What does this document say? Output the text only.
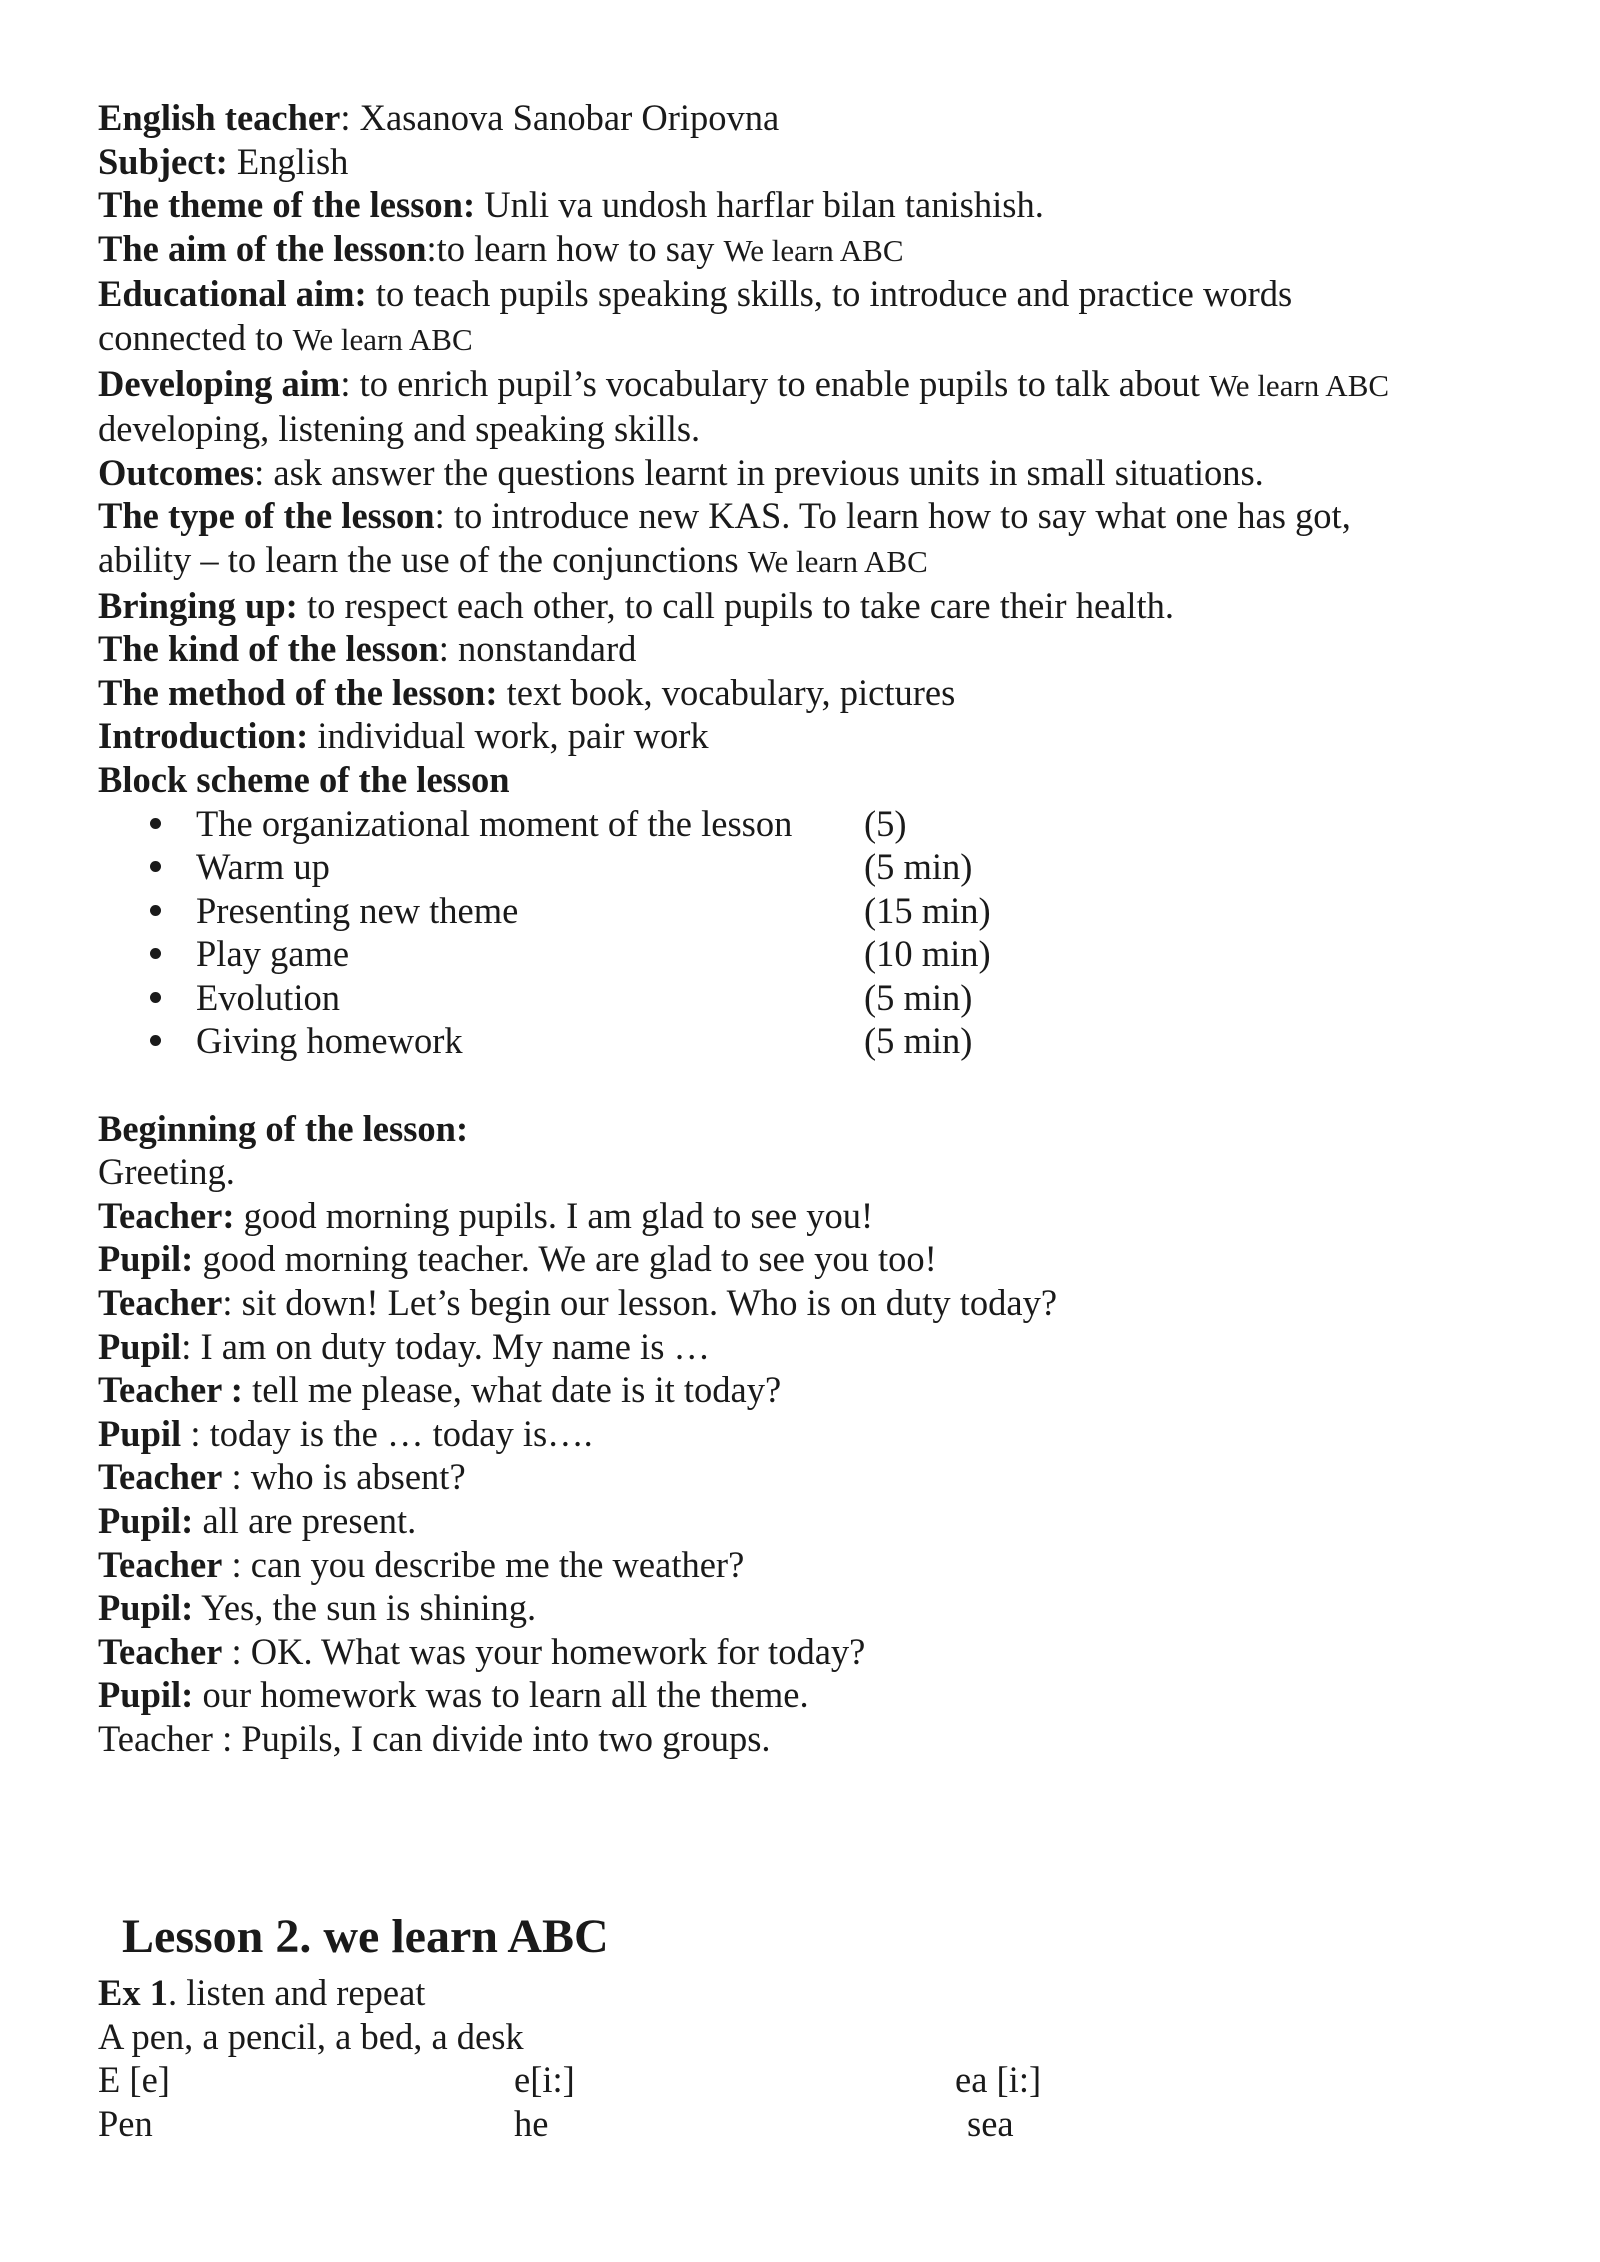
English teacher: Xasanova Sanobar Oripovna

Subject: English

The theme of the lesson: Unli va undosh harflar bilan tanishish.

The aim of the lesson:to learn how to say We learn ABC

Educational aim: to teach pupils speaking skills, to introduce and practice words

connected to We learn ABC

Developing aim: to enrich pupil’s vocabulary to enable pupils to talk about We learn ABC

developing, listening and speaking skills.

Outcomes: ask answer the questions learnt in previous units in small situations.

The type of the lesson: to introduce new KAS. To learn how to say what one has got,

ability – to learn the use of the conjunctions We learn ABC

Bringing up: to respect each other, to call pupils to take care their health.

The kind of the lesson: nonstandard

The method of the lesson: text book, vocabulary, pictures

Introduction: individual work, pair work

Block scheme of the lesson

The organizational moment of the lesson (5)
Warm up	(5 min)
Presenting new theme	(15 min)
Play game	(10 min)
Evolution	(5 min)
Giving homework	(5 min)

Beginning of the lesson:

Greeting.

Teacher: good morning pupils. I am glad to see you!

Pupil: good morning teacher. We are glad to see you too!

Teacher: sit down! Let’s begin our lesson. Who is on duty today?

Pupil: I am on duty today. My name is …

Teacher : tell me please, what date is it today?

Pupil : today is the … today is….

Teacher : who is absent?

Pupil: all are present.

Teacher : can you describe me the weather?

Pupil: Yes, the sun is shining.

Teacher : OK. What was your homework for today?

Pupil: our homework was to learn all the theme.

Teacher : Pupils, I can divide into two groups.

Lesson 2. we learn ABC

Ex 1. listen and repeat

A pen, a pencil, a bed, a desk

E [e]	e[i:]	ea [i:]
Pen	he	sea
